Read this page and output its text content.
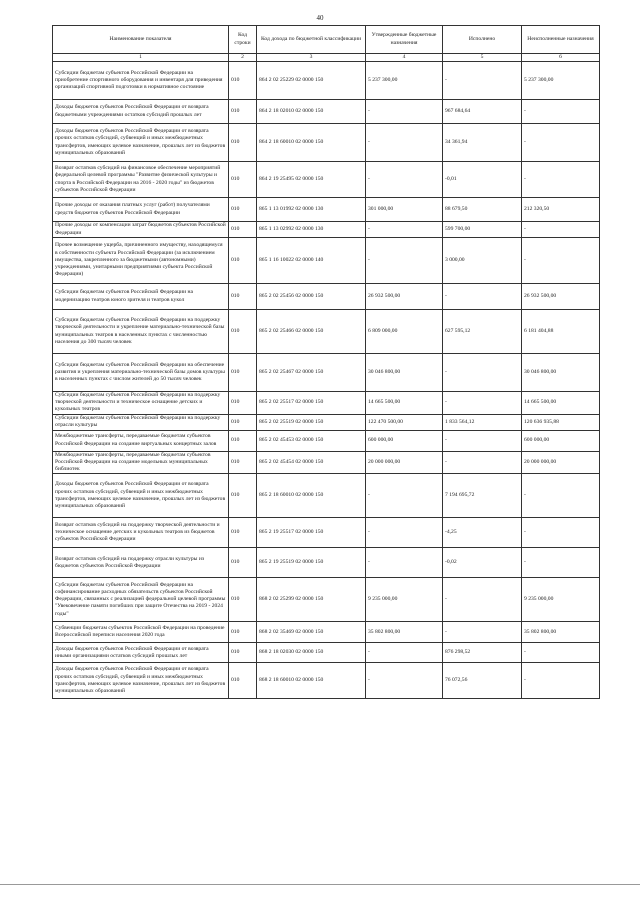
40
Наименование показателя	Код строки	Код дохода по бюджетной классификации	Утвержденные бюджетные назначения	Исполнено	Неисполненные назначения
1	2	3	4	5	6
Субсидии бюджетам субъектов Российской Федерации на приобретение спортивного оборудования и инвентаря для приведения организаций спортивной подготовки в нормативное состояние	010	864 2 02 25229 02 0000 150	5 237 300,00	-	5 237 300,00
Доходы бюджетов субъектов Российской Федерации от возврата бюджетными учреждениями остатков субсидий прошлых лет	010	864 2 18 02010 02 0000 150	-	967 684,64	-
Доходы бюджетов субъектов Российской Федерации от возврата прочих остатков субсидий, субвенций и иных межбюджетных трансфертов, имеющих целевое назначение, прошлых лет из бюджетов муниципальных образований	010	864 2 18 60010 02 0000 150	-	34 361,94	-
Возврат остатков субсидий на финансовое обеспечение мероприятий федеральной целевой программы "Развитие физической культуры и спорта в Российской Федерации на 2016 - 2020 годы" из бюджетов субъектов Российской Федерации	010	864 2 19 25495 02 0000 150	-	-0,01	-
Прочие доходы от оказания платных услуг (работ) получателями средств бюджетов субъектов Российской Федерации	010	865 1 13 01992 02 0000 130	301 000,00	88 679,50	212 320,50
Прочие доходы от компенсации затрат бюджетов субъектов Российской Федерации	010	865 1 13 02992 02 0000 130	-	599 700,00	-
Прочее возмещение ущерба, причиненного имуществу, находящемуся в собственности субъекта Российской Федерации (за исключением имущества, закрепленного за бюджетными (автономными) учреждениями, унитарными предприятиями субъекта Российской Федерации)	010	865 1 16 10022 02 0000 140	-	3 000,00	-
Субсидии бюджетам субъектов Российской Федерации на модернизацию театров юного зрителя и театров кукол	010	865 2 02 25456 02 0000 150	26 932 500,00	-	26 932 500,00
Субсидии бюджетам субъектов Российской Федерации на поддержку творческой деятельности и укрепление материально-технической базы муниципальных театров в населенных пунктах с численностью населения до 300 тысяч человек	010	865 2 02 25466 02 0000 150	6 809 000,00	627 595,12	6 181 404,88
Субсидии бюджетам субъектов Российской Федерации на обеспечение развития и укрепления материально-технической базы домов культуры в населенных пунктах с числом жителей до 50 тысяч человек	010	865 2 02 25467 02 0000 150	30 046 800,00	-	30 046 800,00
Субсидии бюджетам субъектов Российской Федерации на поддержку творческой деятельности и техническое оснащение детских и кукольных театров	010	865 2 02 25517 02 0000 150	14 665 500,00	-	14 665 500,00
Субсидии бюджетам субъектов Российской Федерации на поддержку отрасли культуры	010	865 2 02 25519 02 0000 150	122 470 500,00	1 833 564,12	120 636 935,88
Межбюджетные трансферты, передаваемые бюджетам субъектов Российской Федерации на создание виртуальных концертных залов	010	865 2 02 45453 02 0000 150	600 000,00	-	600 000,00
Межбюджетные трансферты, передаваемые бюджетам субъектов Российской Федерации на создание модельных муниципальных библиотек	010	865 2 02 45454 02 0000 150	20 000 000,00	-	20 000 000,00
Доходы бюджетов субъектов Российской Федерации от возврата прочих остатков субсидий, субвенций и иных межбюджетных трансфертов, имеющих целевое назначение, прошлых лет из бюджетов муниципальных образований	010	865 2 18 60010 02 0000 150	-	7 194 695,72	-
Возврат остатков субсидий на поддержку творческой деятельности и техническое оснащение детских и кукольных театров из бюджетов субъектов Российской Федерации	010	865 2 19 25517 02 0000 150	-	-4,25	-
Возврат остатков субсидий на поддержку отрасли культуры из бюджетов субъектов Российской Федерации	010	865 2 19 25519 02 0000 150	-	-0,02	-
Субсидии бюджетам субъектов Российской Федерации на софинансирование расходных обязательств субъектов Российской Федерации, связанных с реализацией федеральной целевой программы "Увековечение памяти погибших при защите Отечества на 2019 - 2024 годы"	010	868 2 02 25299 02 0000 150	9 235 000,00	-	9 235 000,00
Субвенции бюджетам субъектов Российской Федерации на проведение Всероссийской переписи населения 2020 года	010	868 2 02 35469 02 0000 150	35 802 800,00	-	35 802 800,00
Доходы бюджетов субъектов Российской Федерации от возврата иными организациями остатков субсидий прошлых лет	010	868 2 18 02030 02 0000 150	-	876 298,52	-
Доходы бюджетов субъектов Российской Федерации от возврата прочих остатков субсидий, субвенций и иных межбюджетных трансфертов, имеющих целевое назначение, прошлых лет из бюджетов муниципальных образований	010	868 2 18 60010 02 0000 150	-	76 072,56	-
